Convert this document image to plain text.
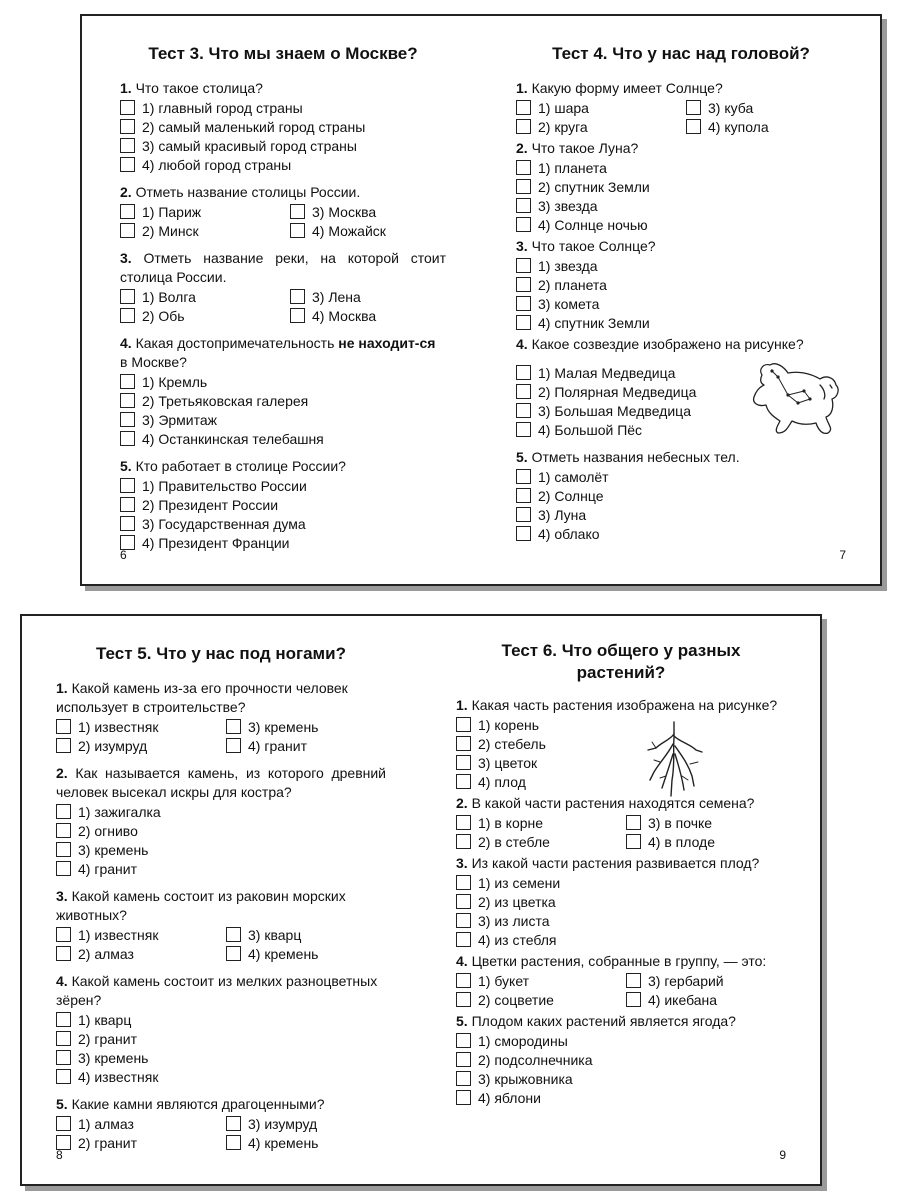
Тест 3. Что мы знаем о Москве?
1. Что такое столица?
1) главный город страны
2) самый маленький город страны
3) самый красивый город страны
4) любой город страны
2. Отметь название столицы России.
1) Париж	3) Москва
2) Минск	4) Можайск
3. Отметь название реки, на которой стоит столица России.
1) Волга	3) Лена
2) Обь	4) Москва
4. Какая достопримечательность не находит-ся в Москве?
1) Кремль
2) Третьяковская галерея
3) Эрмитаж
4) Останкинская телебашня
5. Кто работает в столице России?
1) Правительство России
2) Президент России
3) Государственная дума
4) Президент Франции
6
Тест 4. Что у нас над головой?
1. Какую форму имеет Солнце?
1) шара	3) куба
2) круга	4) купола
2. Что такое Луна?
1) планета
2) спутник Земли
3) звезда
4) Солнце ночью
3. Что такое Солнце?
1) звезда
2) планета
3) комета
4) спутник Земли
4. Какое созвездие изображено на рисунке?
1) Малая Медведица
2) Полярная Медведица
3) Большая Медведица
4) Большой Пёс
5. Отметь названия небесных тел.
1) самолёт
2) Солнце
3) Луна
4) облако
7
Тест 5. Что у нас под ногами?
1. Какой камень из-за его прочности человек использует в строительстве?
1) известняк	3) кремень
2) изумруд	4) гранит
2. Как называется камень, из которого древний человек высекал искры для костра?
1) зажигалка
2) огниво
3) кремень
4) гранит
3. Какой камень состоит из раковин морских животных?
1) известняк	3) кварц
2) алмаз	4) кремень
4. Какой камень состоит из мелких разноцветных зёрен?
1) кварц
2) гранит
3) кремень
4) известняк
5. Какие камни являются драгоценными?
1) алмаз	3) изумруд
2) гранит	4) кремень
8
Тест 6. Что общего у разных растений?
1. Какая часть растения изображена на рисунке?
1) корень
2) стебель
3) цветок
4) плод
2. В какой части растения находятся семена?
1) в корне	3) в почке
2) в стебле	4) в плоде
3. Из какой части растения развивается плод?
1) из семени
2) из цветка
3) из листа
4) из стебля
4. Цветки растения, собранные в группу, — это:
1) букет	3) гербарий
2) соцветие	4) икебана
5. Плодом каких растений является ягода?
1) смородины
2) подсолнечника
3) крыжовника
4) яблони
9
